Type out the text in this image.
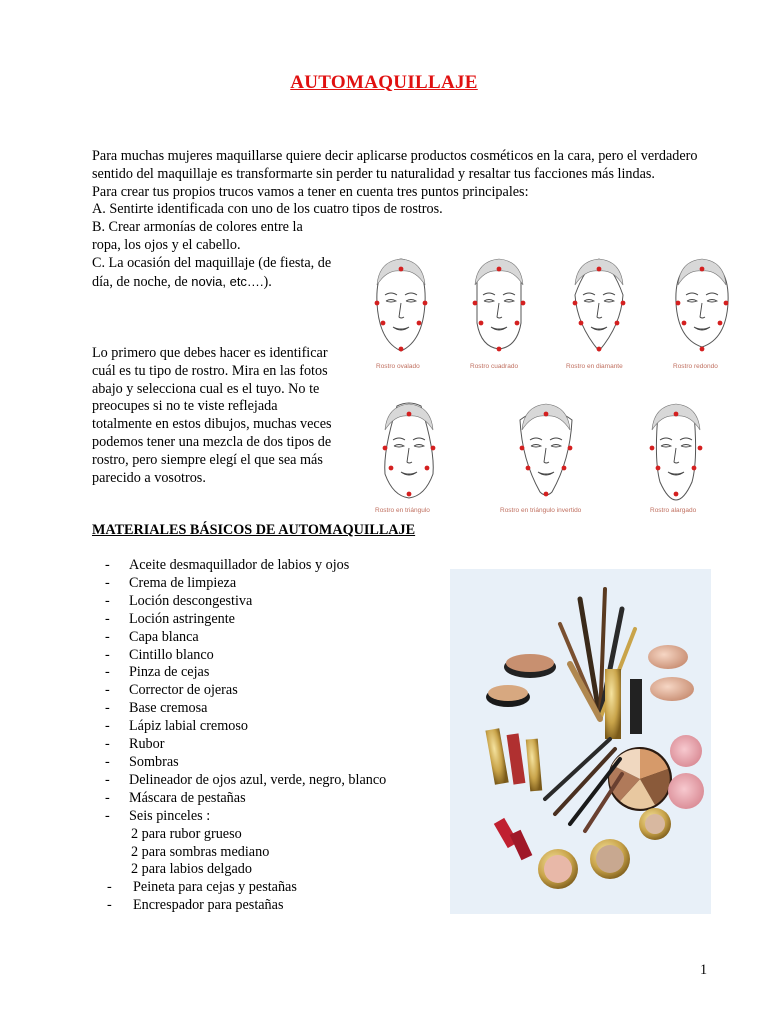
AUTOMAQUILLAJE
Para muchas mujeres maquillarse quiere decir aplicarse productos cosméticos en la cara, pero el verdadero sentido del maquillaje es transformarte sin perder tu naturalidad y resaltar tus facciones más lindas.
Para crear tus propios trucos vamos a tener en cuenta tres puntos principales:
A. Sentirte identificada con uno de los cuatro tipos de rostros.
B. Crear armonías de colores entre la
ropa, los ojos y el cabello.
C. La ocasión del maquillaje (de fiesta, de
día, de noche, de novia, etc….).
Lo primero que debes hacer es identificar
cuál es tu tipo de rostro. Mira en las fotos
abajo y selecciona cual es el tuyo. No te
preocupes si no te viste reflejada
totalmente en estos dibujos, muchas veces
podemos tener una mezcla de dos tipos de
rostro, pero siempre elegí el que sea más
parecido a vosotros.
Rostro ovalado	Rostro cuadrado	Rostro en diamante	Rostro redondo
Rostro en triángulo	Rostro en triángulo invertido	Rostro alargado
MATERIALES BÁSICOS DE AUTOMAQUILLAJE
-	Aceite desmaquillador de labios y ojos
-	Crema de limpieza
-	Loción descongestiva
-	Loción astringente
-	Capa blanca
-	Cintillo blanco
-	Pinza de cejas
-	Corrector de ojeras
-	Base cremosa
-	Lápiz labial cremoso
-	Rubor
-	Sombras
-	Delineador de ojos azul, verde, negro, blanco
-	Máscara de pestañas
-	Seis pinceles :
2 para rubor grueso
2 para sombras mediano
2 para labios delgado
-	Peineta para cejas y pestañas
-	Encrespador para pestañas
1
